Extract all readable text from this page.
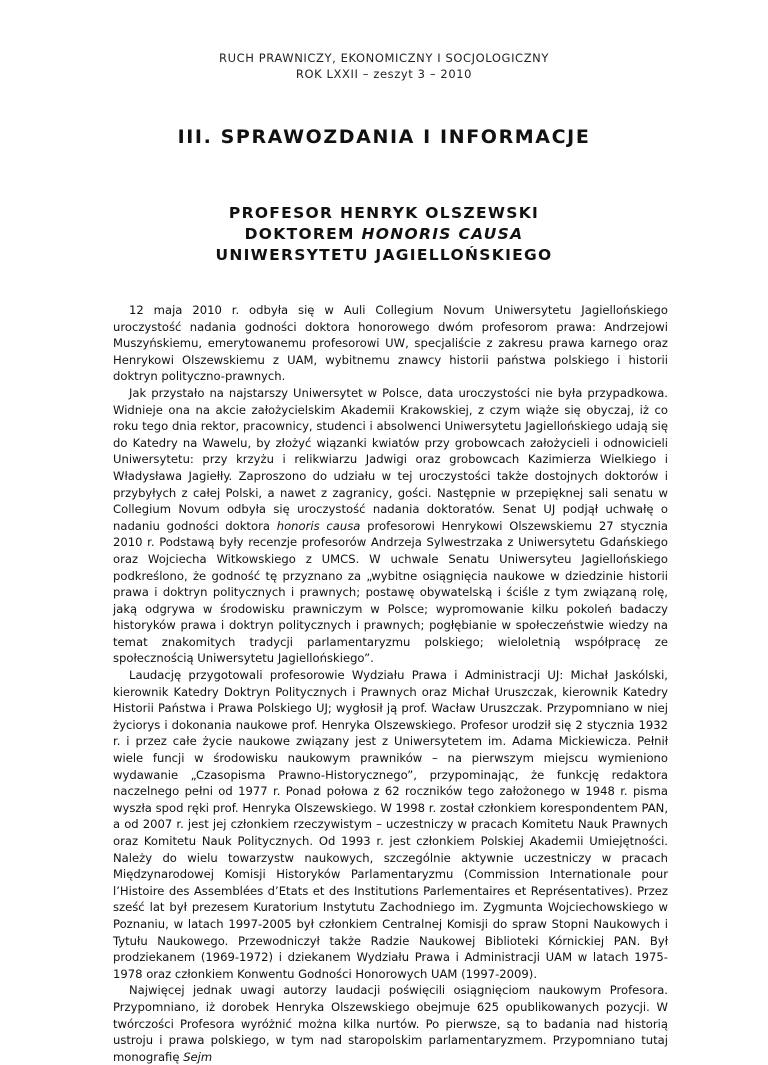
RUCH PRAWNICZY, EKONOMICZNY I SOCJOLOGICZNY
ROK LXXII – zeszyt 3 – 2010
III. SPRAWOZDANIA I INFORMACJE
PROFESOR HENRYK OLSZEWSKI
DOKTOREM HONORIS CAUSA
UNIWERSYTETU JAGIELLOŃSKIEGO

12 maja 2010 r. odbyła się w Auli Collegium Novum Uniwersytetu Jagiellońskiego uroczystość nadania godności doktora honorowego dwóm profesorom prawa: Andrzejowi Muszyńskiemu, emerytowanemu profesorowi UW, specjaliście z zakresu prawa karnego oraz Henrykowi Olszewskiemu z UAM, wybitnemu znawcy historii państwa polskiego i historii doktryn polityczno-prawnych.

Jak przystało na najstarszy Uniwersytet w Polsce, data uroczystości nie była przypadkowa. Widnieje ona na akcie założycielskim Akademii Krakowskiej, z czym wiąże się obyczaj, iż co roku tego dnia rektor, pracownicy, studenci i absolwenci Uniwersytetu Jagiellońskiego udają się do Katedry na Wawelu, by złożyć wiązanki kwiatów przy grobowcach założycieli i odnowicieli Uniwersytetu: przy krzyżu i relikwiarzu Jadwigi oraz grobowcach Kazimierza Wielkiego i Władysława Jagiełły. Zaproszono do udziału w tej uroczystości także dostojnych doktorów i przybyłych z całej Polski, a nawet z zagranicy, gości. Następnie w przepięknej sali senatu w Collegium Novum odbyła się uroczystość nadania doktoratów. Senat UJ podjął uchwałę o nadaniu godności doktora honoris causa profesorowi Henrykowi Olszewskiemu 27 stycznia 2010 r. Podstawą były recenzje profesorów Andrzeja Sylwestrzaka z Uniwersytetu Gdańskiego oraz Wojciecha Witkowskiego z UMCS. W uchwale Senatu Uniwersyteu Jagiellońskiego podkreślono, że godność tę przyznano za „wybitne osiągnięcia naukowe w dziedzinie historii prawa i doktryn politycznych i prawnych; postawę obywatelską i ściśle z tym związaną rolę, jaką odgrywa w środowisku prawniczym w Polsce; wypromowanie kilku pokoleń badaczy historyków prawa i doktryn politycznych i prawnych; pogłębianie w społeczeństwie wiedzy na temat znakomitych tradycji parlamentaryzmu polskiego; wieloletnią współpracę ze społecznością Uniwersytetu Jagiellońskiego”.

Laudację przygotowali profesorowie Wydziału Prawa i Administracji UJ: Michał Jaskólski, kierownik Katedry Doktryn Politycznych i Prawnych oraz Michał Uruszczak, kierownik Katedry Historii Państwa i Prawa Polskiego UJ; wygłosił ją prof. Wacław Uruszczak. Przypomniano w niej życiorys i dokonania naukowe prof. Henryka Olszewskiego. Profesor urodził się 2 stycznia 1932 r. i przez całe życie naukowe związany jest z Uniwersytetem im. Adama Mickiewicza. Pełnił wiele funcji w środowisku naukowym prawników – na pierwszym miejscu wymieniono wydawanie „Czasopisma Prawno-Historycznego”, przypominając, że funkcję redaktora naczelnego pełni od 1977 r. Ponad połowa z 62 roczników tego założonego w 1948 r. pisma wyszła spod ręki prof. Henryka Olszewskiego. W 1998 r. został członkiem korespondentem PAN, a od 2007 r. jest jej członkiem rzeczywistym – uczestniczy w pracach Komitetu Nauk Prawnych oraz Komitetu Nauk Politycznych. Od 1993 r. jest członkiem Polskiej Akademii Umiejętności. Należy do wielu towarzystw naukowych, szczególnie aktywnie uczestniczy w pracach Międzynarodowej Komisji Historyków Parlamentaryzmu (Commission Internationale pour l’Histoire des Assemblées d’Etats et des Institutions Parlementaires et Représentatives). Przez sześć lat był prezesem Kuratorium Instytutu Zachodniego im. Zygmunta Wojciechowskiego w Poznaniu, w latach 1997-2005 był członkiem Centralnej Komisji do spraw Stopni Naukowych i Tytułu Naukowego. Przewodniczył także Radzie Naukowej Biblioteki Kórnickiej PAN. Był prodziekanem (1969-1972) i dziekanem Wydziału Prawa i Administracji UAM w latach 1975-1978 oraz członkiem Konwentu Godności Honorowych UAM (1997-2009).

Najwięcej jednak uwagi autorzy laudacji poświęcili osiągnięciom naukowym Profesora. Przypomniano, iż dorobek Henryka Olszewskiego obejmuje 625 opublikowanych pozycji. W twórczości Profesora wyróżnić można kilka nurtów. Po pierwsze, są to badania nad historią ustroju i prawa polskiego, w tym nad staropolskim parlamentaryzmem. Przypomniano tutaj monografię Sejm
